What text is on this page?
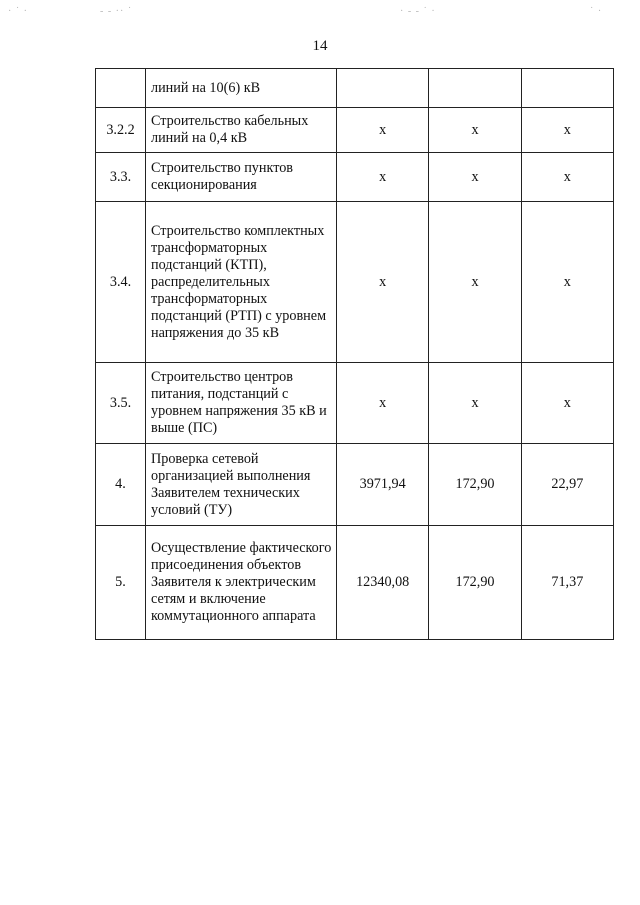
· ˙ ·	‐ ‐ ·· ˙	· ‐ ‐ ˙ ·	˙ ·
14
	линий на 10(6) кВ			
3.2.2	Строительство кабельных линий на 0,4 кВ	x	x	x
3.3.	Строительство пунктов секционирования	x	x	x
3.4.	Строительство комплектных трансформаторных подстанций (КТП), распределительных трансформаторных подстанций (РТП) с уровнем напряжения до 35 кВ	x	x	x
3.5.	Строительство центров питания, подстанций с уровнем напряжения 35 кВ и выше (ПС)	x	x	x
4.	Проверка сетевой организацией выполнения Заявителем технических условий (ТУ)	3971,94	172,90	22,97
5.	Осуществление фактического присоединения объектов Заявителя к электрическим сетям и включение коммутационного аппарата	12340,08	172,90	71,37
